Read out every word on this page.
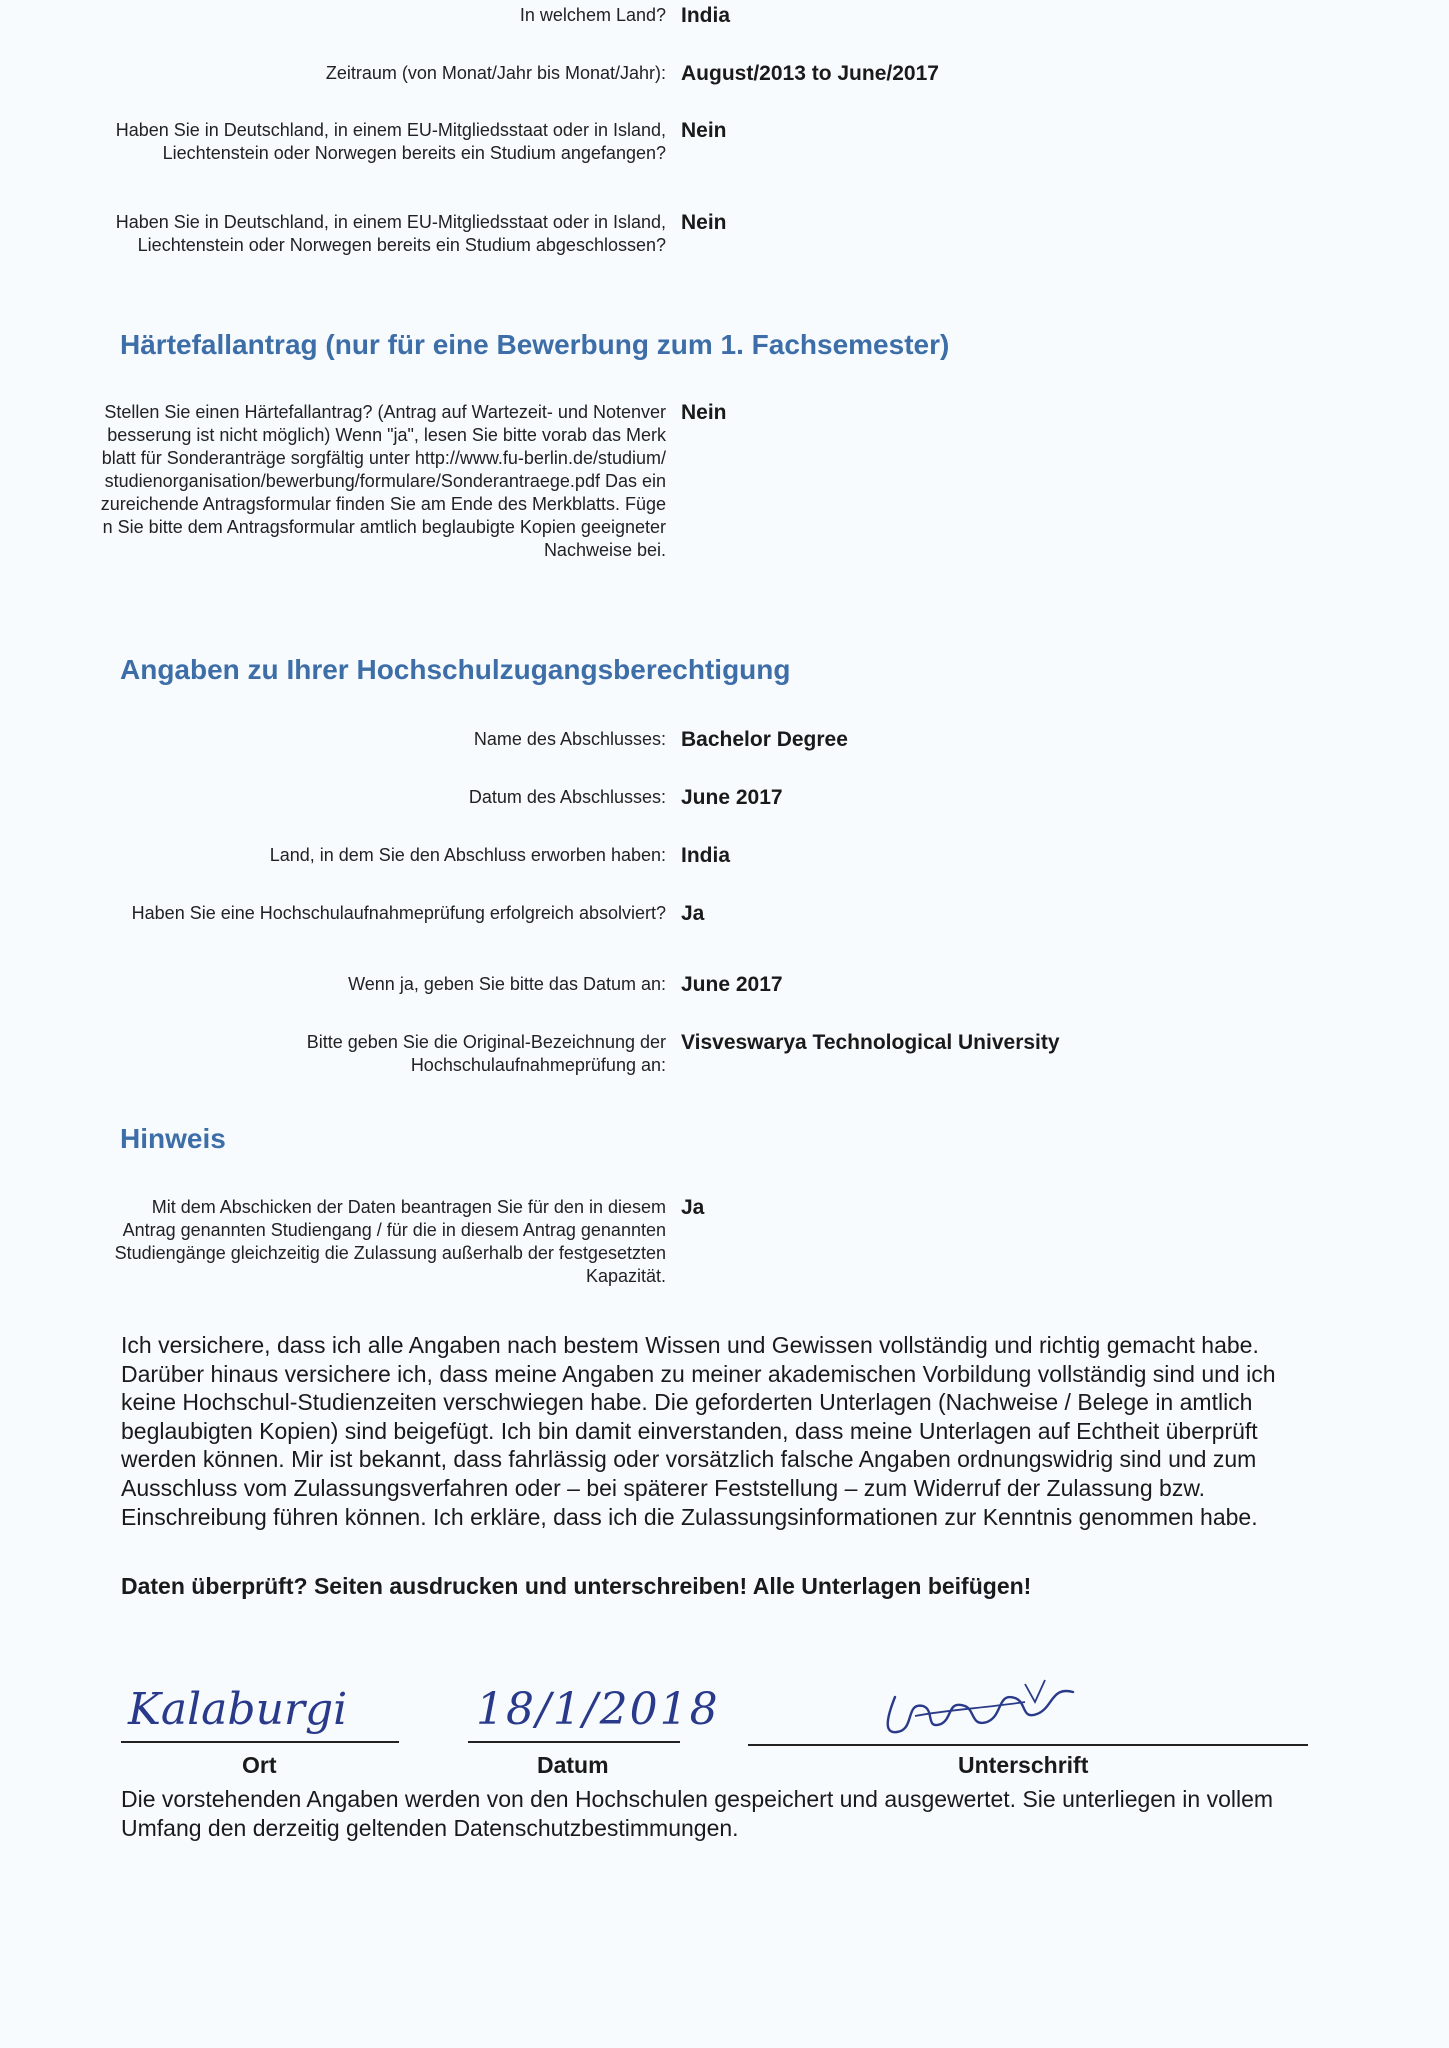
In welchem Land? India
Zeitraum (von Monat/Jahr bis Monat/Jahr): August/2013 to June/2017
Haben Sie in Deutschland, in einem EU-Mitgliedsstaat oder in Island, Liechtenstein oder Norwegen bereits ein Studium angefangen?
Nein
Haben Sie in Deutschland, in einem EU-Mitgliedsstaat oder in Island, Liechtenstein oder Norwegen bereits ein Studium abgeschlossen?
Nein
Härtefallantrag (nur für eine Bewerbung zum 1. Fachsemester)
Stellen Sie einen Härtefallantrag? (Antrag auf Wartezeit- und Notenverbesserung ist nicht möglich) Wenn "ja", lesen Sie bitte vorab das Merkblatt für Sonderanträge sorgfältig unter http://www.fu-berlin.de/studium/studienorganisation/bewerbung/formulare/Sonderantraege.pdf Das einzureichende Antragsformular finden Sie am Ende des Merkblatts. Fügen Sie bitte dem Antragsformular amtlich beglaubigte Kopien geeigneter Nachweise bei.
Nein
Angaben zu Ihrer Hochschulzugangsberechtigung
Name des Abschlusses: Bachelor Degree
Datum des Abschlusses: June 2017
Land, in dem Sie den Abschluss erworben haben: India
Haben Sie eine Hochschulaufnahmeprüfung erfolgreich absolviert? Ja
Wenn ja, geben Sie bitte das Datum an: June 2017
Bitte geben Sie die Original-Bezeichnung der Hochschulaufnahmeprüfung an:
Visveswarya Technological University
Hinweis
Mit dem Abschicken der Daten beantragen Sie für den in diesem Antrag genannten Studiengang / für die in diesem Antrag genannten Studiengänge gleichzeitig die Zulassung außerhalb der festgesetzten Kapazität.
Ja

Ich versichere, dass ich alle Angaben nach bestem Wissen und Gewissen vollständig und richtig gemacht habe. Darüber hinaus versichere ich, dass meine Angaben zu meiner akademischen Vorbildung vollständig sind und ich keine Hochschul-Studienzeiten verschwiegen habe. Die geforderten Unterlagen (Nachweise / Belege in amtlich beglaubigten Kopien) sind beigefügt. Ich bin damit einverstanden, dass meine Unterlagen auf Echtheit überprüft werden können. Mir ist bekannt, dass fahrlässig oder vorsätzlich falsche Angaben ordnungswidrig sind und zum Ausschluss vom Zulassungsverfahren oder – bei späterer Feststellung – zum Widerruf der Zulassung bzw. Einschreibung führen können. Ich erkläre, dass ich die Zulassungsinformationen zur Kenntnis genommen habe.

Daten überprüft? Seiten ausdrucken und unterschreiben! Alle Unterlagen beifügen!

Kalaburgi	18/1/2018
Ort	Datum	Unterschrift

Die vorstehenden Angaben werden von den Hochschulen gespeichert und ausgewertet. Sie unterliegen in vollem Umfang den derzeitig geltenden Datenschutzbestimmungen.
